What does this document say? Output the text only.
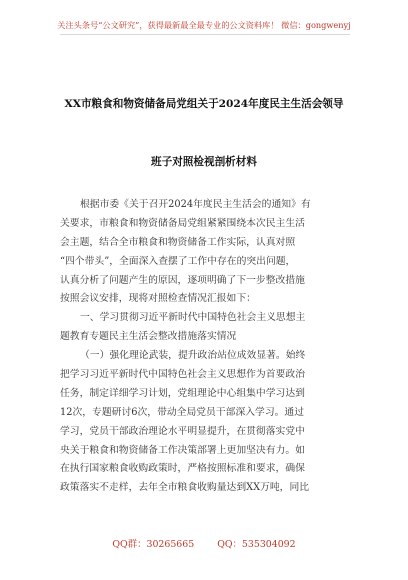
关注头条号“公文研究”，获得最新最全最专业的公文资料库！ 微信：gongwenyj
XX市粮食和物资储备局党组关于2024年度民主生活会领导
班子对照检视剖析材料
根据市委《关于召开2024年度民主生活会的通知》有
关要求，市粮食和物资储备局党组紧紧围绕本次民主生活
会主题，结合全市粮食和物资储备工作实际，认真对照
“四个带头”，全面深入查摆了工作中存在的突出问题，
认真分析了问题产生的原因，逐项明确了下一步整改措施
按照会议安排，现将对照检查情况汇报如下：
一、学习贯彻习近平新时代中国特色社会主义思想主
题教育专题民主生活会整改措施落实情况
（一）强化理论武装，提升政治站位成效显著。始终
把学习习近平新时代中国特色社会主义思想作为首要政治
任务，制定详细学习计划，党组理论中心组集中学习达到
12次，专题研讨6次，带动全局党员干部深入学习。通过
学习，党员干部政治理论水平明显提升，在贯彻落实党中
央关于粮食和物资储备工作决策部署上更加坚决有力。如
在执行国家粮食收购政策时，严格按照标准和要求，确保
政策落实不走样，去年全市粮食收购量达到XX万吨，同比
QQ群：30265665 QQ：535304092
